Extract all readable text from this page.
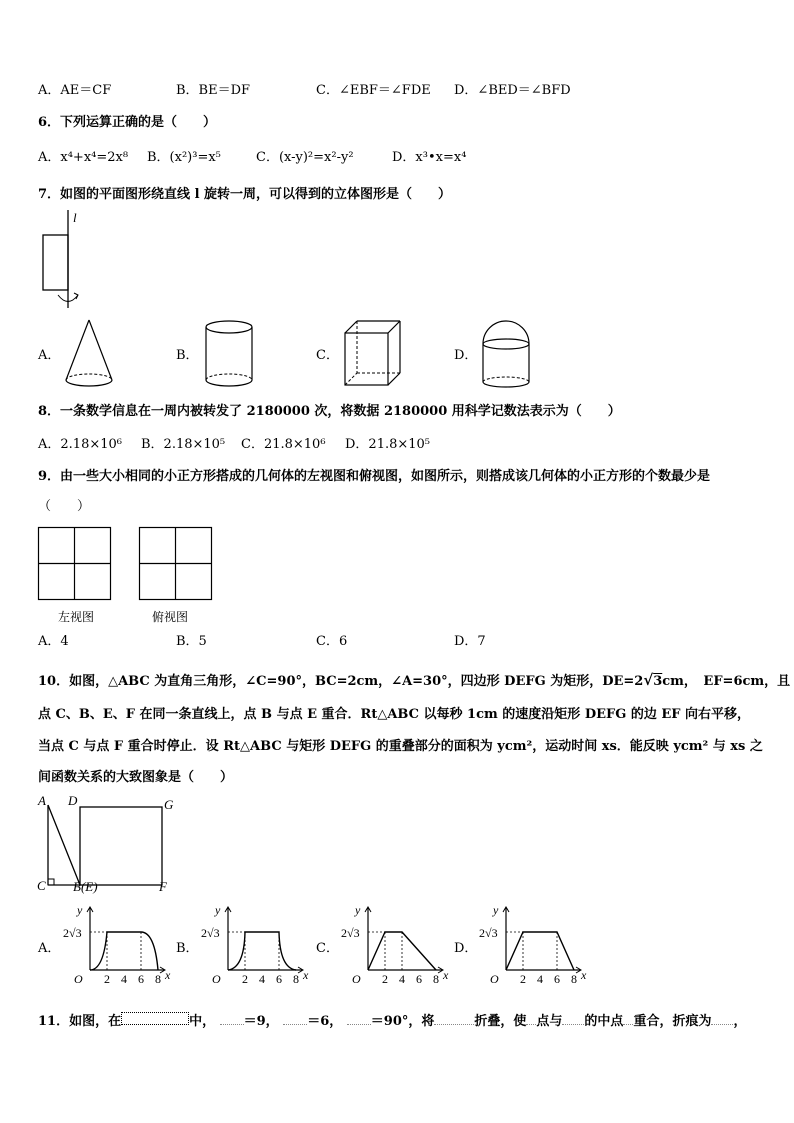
A．AE＝CF	B．BE＝DF	C．∠EBF＝∠FDE D．∠BED＝∠BFD
6．下列运算正确的是（　　）
A．x⁴+x⁴=2x⁸ B．(x²)³=x⁵	C．(x-y)²=x²-y²	D．x³•x=x⁴
7．如图的平面图形绕直线 l 旋转一周，可以得到的立体图形是（　　）
l
A．	B．	C．	D．
8．一条数学信息在一周内被转发了 2180000 次，将数据 2180000 用科学记数法表示为（　　）
A．2.18×10⁶ B．2.18×10⁵ C．21.8×10⁶ D．21.8×10⁵
9．由一些大小相同的小正方形搭成的几何体的左视图和俯视图，如图所示，则搭成该几何体的小正方形的个数最少是
（　　）
左视图	俯视图
A．4	B．5	C．6	D．7
10．如图，△ABC 为直角三角形，∠C=90°，BC=2cm，∠A=30°，四边形 DEFG 为矩形，DE=2√3cm，　EF=6cm，且
点 C、B、E、F 在同一条直线上，点 B 与点 E 重合．Rt△ABC 以每秒 1cm 的速度沿矩形 DEFG 的边 EF 向右平移，
当点 C 与点 F 重合时停止．设 Rt△ABC 与矩形 DEFG 的重叠部分的面积为 ycm²，运动时间 xs．能反映 ycm² 与 xs 之
间函数关系的大致图象是（　　）
A D	G
C B(E)	F
A．
y
x
O
2√3
2 4 6 8
B．
y
x
O
2√3
2 4 6 8
C．
y
x
O
2√3
2 4 6 8
D．
y
x
O
2√3
2 4 6 8
11．如图，在	中， ＝9， ＝6， ＝90°，将	折叠，使 点与 的中点 重合，折痕为 ，
